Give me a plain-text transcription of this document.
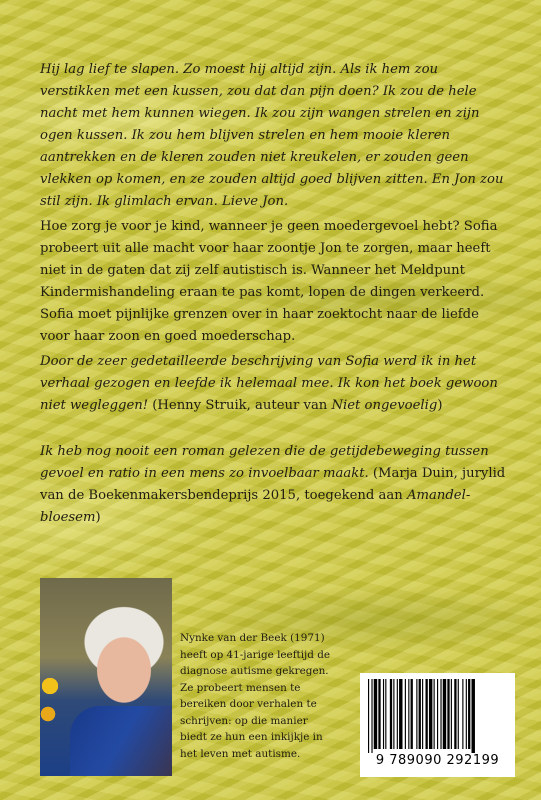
Hij lag lief te slapen. Zo moest hij altijd zijn. Als ik hem zou verstikken met een kussen, zou dat dan pijn doen? Ik zou de hele nacht met hem kunnen wiegen. Ik zou zijn wangen strelen en zijn ogen kussen. Ik zou hem blijven strelen en hem mooie kleren aantrekken en de kleren zouden niet kreukelen, er zouden geen vlekken op komen, en ze zouden altijd goed blijven zitten. En Jon zou stil zijn. Ik glimlach ervan. Lieve Jon.

Hoe zorg je voor je kind, wanneer je geen moedergevoel hebt? Sofia probeert uit alle macht voor haar zoontje Jon te zorgen, maar heeft niet in de gaten dat zij zelf autistisch is. Wanneer het Meldpunt Kindermishandeling eraan te pas komt, lopen de dingen verkeerd. Sofia moet pijnlijke grenzen over in haar zoektocht naar de liefde voor haar zoon en goed moederschap.

Door de zeer gedetailleerde beschrijving van Sofia werd ik in het verhaal gezogen en leefde ik helemaal mee. Ik kon het boek gewoon niet wegleggen! (Henny Struik, auteur van Niet ongevoelig)

Ik heb nog nooit een roman gelezen die de getijdebeweging tussen gevoel en ratio in een mens zo invoelbaar maakt. (Marja Duin, jurylid van de Boekenmakersbendeprijs 2015, toegekend aan Amandel-bloesem)

Nynke van der Beek (1971) heeft op 41-jarige leeftijd de diagnose autisme gekregen. Ze probeert mensen te bereiken door verhalen te schrijven: op die manier biedt ze hun een inkijkje in het leven met autisme.	9 789090 292199
